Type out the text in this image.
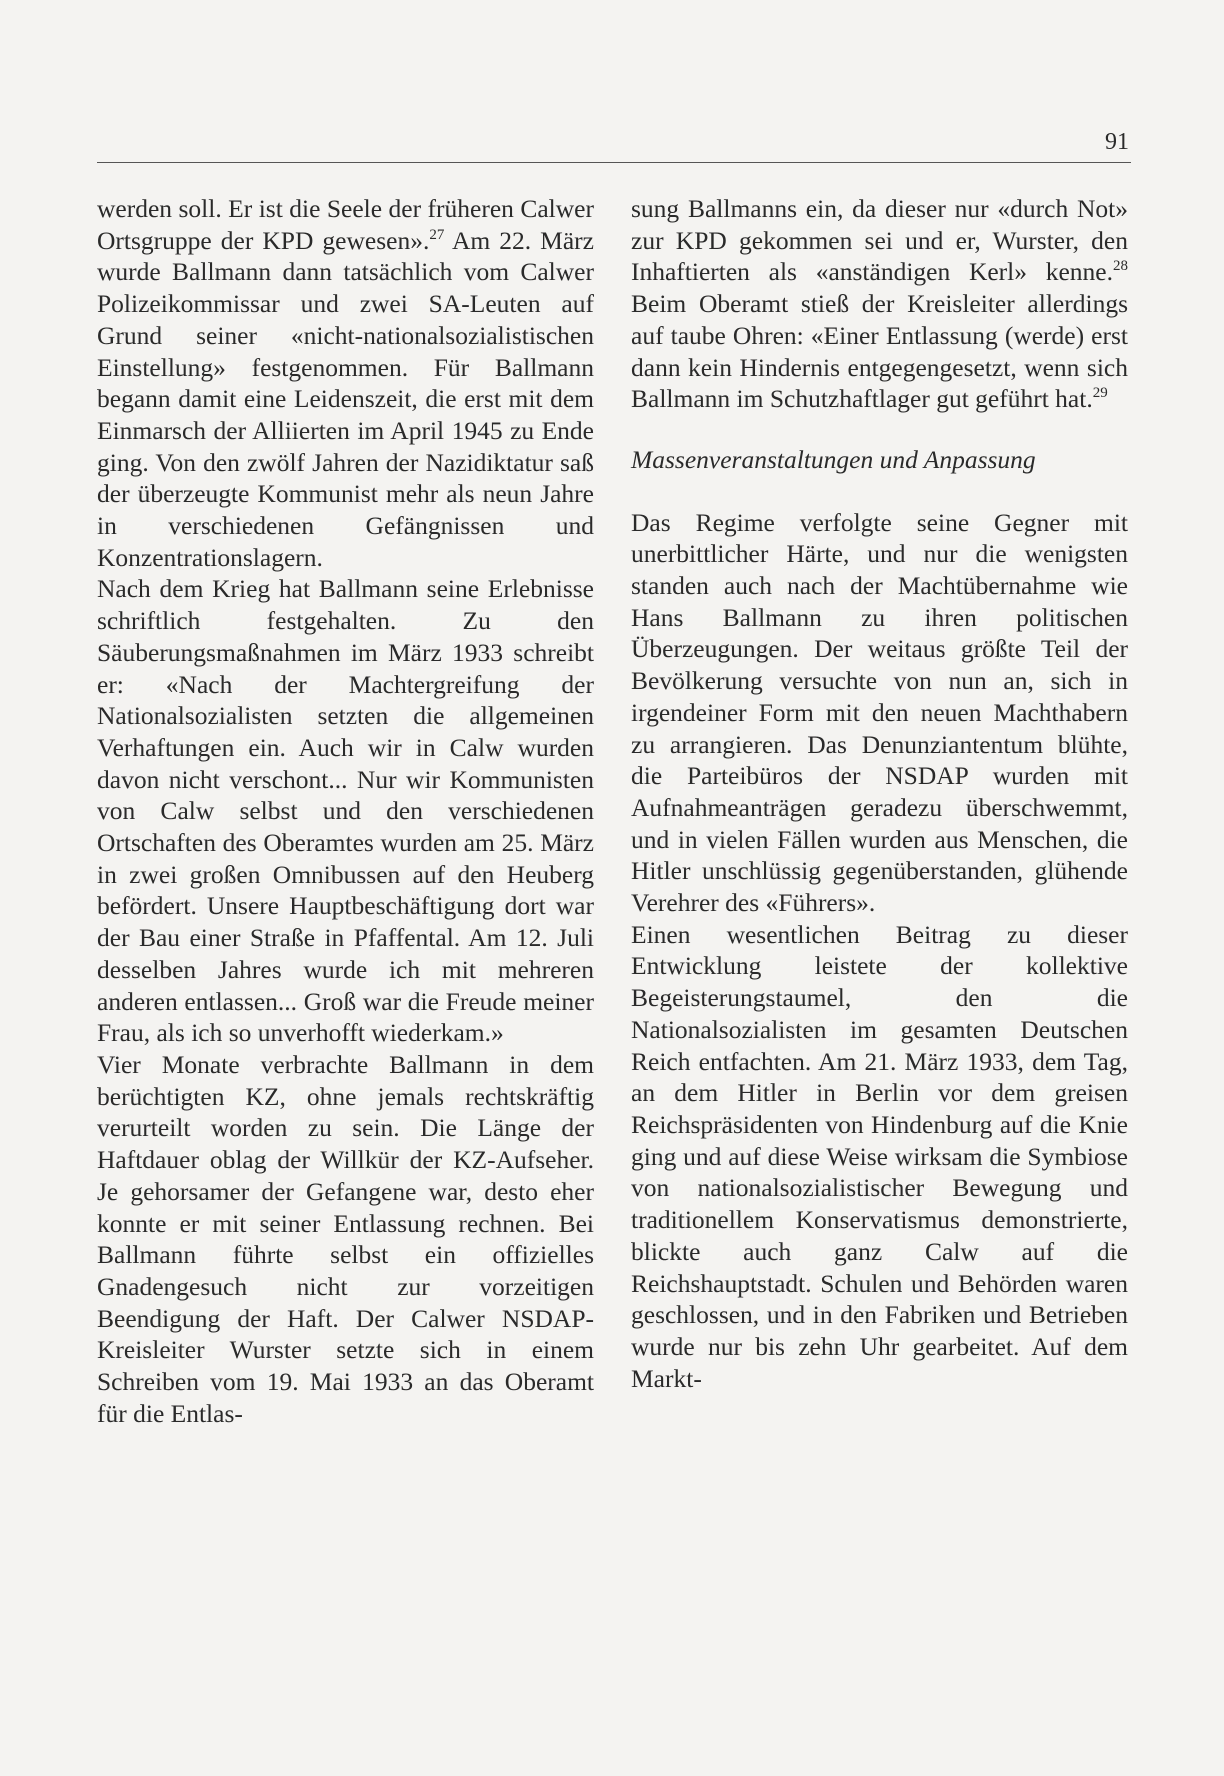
91

werden soll. Er ist die Seele der früheren Calwer Ortsgruppe der KPD gewesen».$^{27}$ Am 22. März wurde Ballmann dann tatsächlich vom Calwer Polizeikommissar und zwei SA-Leuten auf Grund seiner «nicht-nationalsozialistischen Einstellung» festgenommen. Für Ballmann begann damit eine Leidenszeit, die erst mit dem Einmarsch der Alliierten im April 1945 zu Ende ging. Von den zwölf Jahren der Nazidiktatur saß der überzeugte Kommunist mehr als neun Jahre in verschiedenen Gefängnissen und Konzentrationslagern.

Nach dem Krieg hat Ballmann seine Erlebnisse schriftlich festgehalten. Zu den Säuberungsmaßnahmen im März 1933 schreibt er: «Nach der Machtergreifung der Nationalsozialisten setzten die allgemeinen Verhaftungen ein. Auch wir in Calw wurden davon nicht verschont... Nur wir Kommunisten von Calw selbst und den verschiedenen Ortschaften des Oberamtes wurden am 25. März in zwei großen Omnibussen auf den Heuberg befördert. Unsere Hauptbeschäftigung dort war der Bau einer Straße in Pfaffental. Am 12. Juli desselben Jahres wurde ich mit mehreren anderen entlassen... Groß war die Freude meiner Frau, als ich so unverhofft wiederkam.»

Vier Monate verbrachte Ballmann in dem berüchtigten KZ, ohne jemals rechtskräftig verurteilt worden zu sein. Die Länge der Haftdauer oblag der Willkür der KZ-Aufseher. Je gehorsamer der Gefangene war, desto eher konnte er mit seiner Entlassung rechnen. Bei Ballmann führte selbst ein offizielles Gnadengesuch nicht zur vorzeitigen Beendigung der Haft. Der Calwer NSDAP-Kreisleiter Wurster setzte sich in einem Schreiben vom 19. Mai 1933 an das Oberamt für die Entlas-

sung Ballmanns ein, da dieser nur «durch Not» zur KPD gekommen sei und er, Wurster, den Inhaftierten als «anständigen Kerl» kenne.$^{28}$ Beim Oberamt stieß der Kreisleiter allerdings auf taube Ohren: «Einer Entlassung (werde) erst dann kein Hindernis entgegengesetzt, wenn sich Ballmann im Schutzhaftlager gut geführt hat.$^{29}$

Massenveranstaltungen und Anpassung

Das Regime verfolgte seine Gegner mit unerbittlicher Härte, und nur die wenigsten standen auch nach der Machtübernahme wie Hans Ballmann zu ihren politischen Überzeugungen. Der weitaus größte Teil der Bevölkerung versuchte von nun an, sich in irgendeiner Form mit den neuen Machthabern zu arrangieren. Das Denunziantentum blühte, die Parteibüros der NSDAP wurden mit Aufnahmeanträgen geradezu überschwemmt, und in vielen Fällen wurden aus Menschen, die Hitler unschlüssig gegenüberstanden, glühende Verehrer des «Führers».

Einen wesentlichen Beitrag zu dieser Entwicklung leistete der kollektive Begeisterungstaumel, den die Nationalsozialisten im gesamten Deutschen Reich entfachten. Am 21. März 1933, dem Tag, an dem Hitler in Berlin vor dem greisen Reichspräsidenten von Hindenburg auf die Knie ging und auf diese Weise wirksam die Symbiose von nationalsozialistischer Bewegung und traditionellem Konservatismus demonstrierte, blickte auch ganz Calw auf die Reichshauptstadt. Schulen und Behörden waren geschlossen, und in den Fabriken und Betrieben wurde nur bis zehn Uhr gearbeitet. Auf dem Markt-
